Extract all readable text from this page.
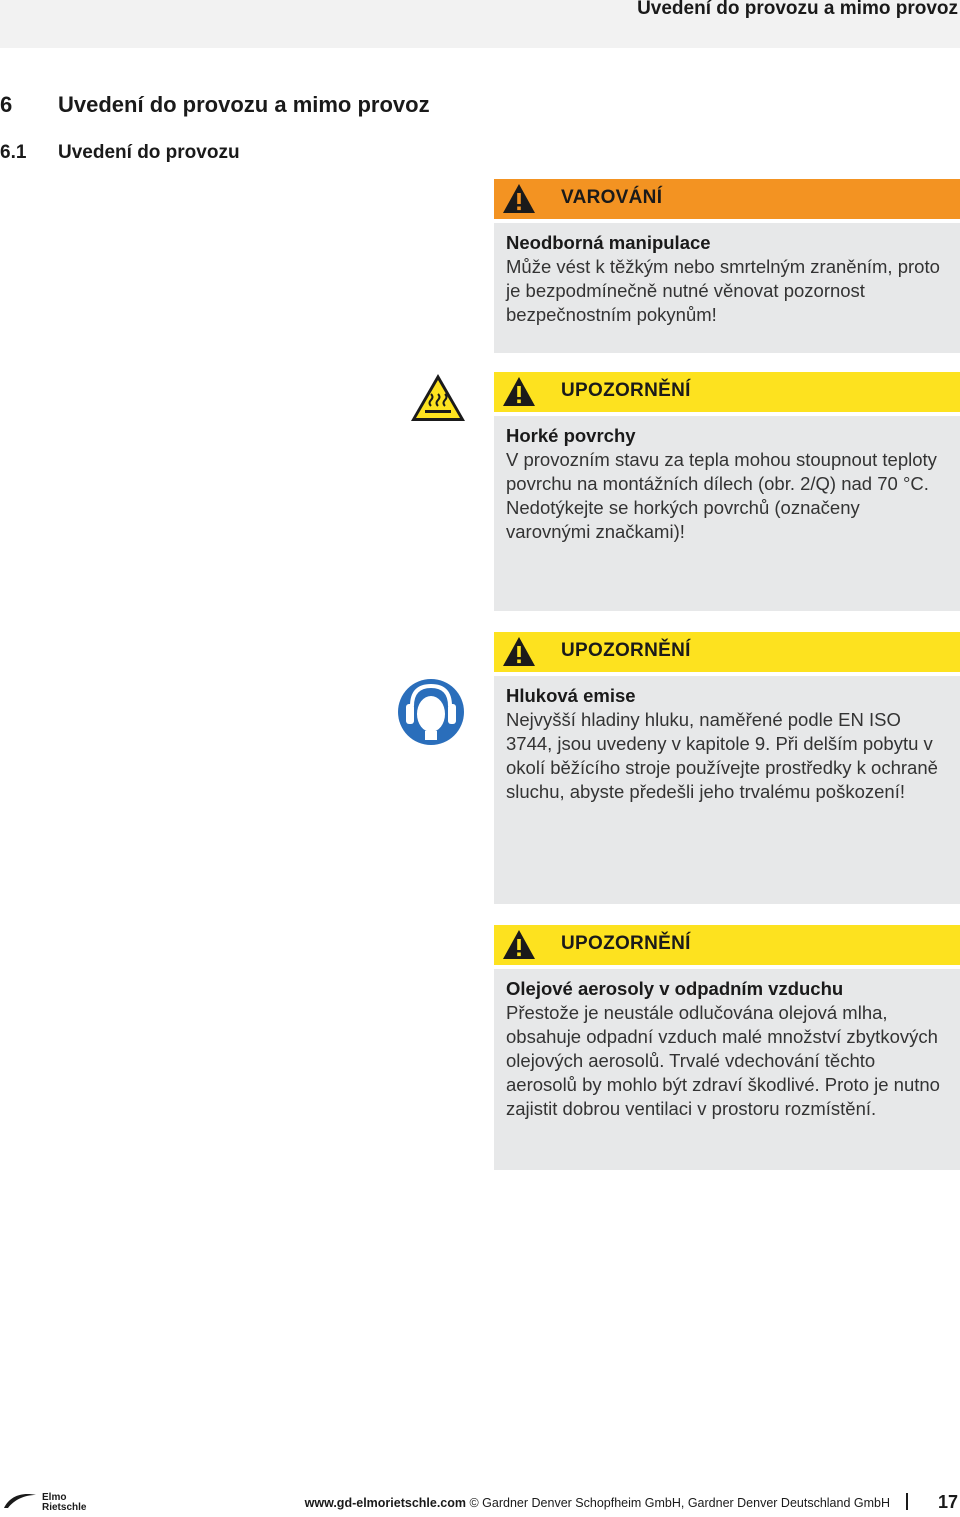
Uvedení do provozu a mimo provoz
6 Uvedení do provozu a mimo provoz
6.1 Uvedení do provozu
VAROVÁNÍ

Neodborná manipulace

Může vést k těžkým nebo smrtelným zraněním, proto je bezpodmínečně nutné věnovat pozornost bezpečnostním pokynům!

UPOZORNĚNÍ

Horké povrchy

V provozním stavu za tepla mohou stoupnout teploty povrchu na montážních dílech (obr. 2/Q) nad 70 °C. Nedotýkejte se horkých povrchů (označeny varovnými značkami)!

UPOZORNĚNÍ

Hluková emise

Nejvyšší hladiny hluku, naměřené podle EN ISO 3744, jsou uvedeny v kapitole 9. Při delším pobytu v okolí běžícího stroje používejte prostředky k ochraně sluchu, abyste předešli jeho trvalému poškození!

UPOZORNĚNÍ

Olejové aerosoly v odpadním vzduchu

Přestože je neustále odlučována olejová mlha, obsahuje odpadní vzduch malé množství zbytkových olejových aerosolů. Trvalé vdechování těchto aerosolů by mohlo být zdraví škodlivé. Proto je nutno zajistit dobrou ventilaci v prostoru rozmístění.

Elmo
Rietschle	www.gd-elmorietschle.com © Gardner Denver Schopfheim GmbH, Gardner Denver Deutschland GmbH	17
